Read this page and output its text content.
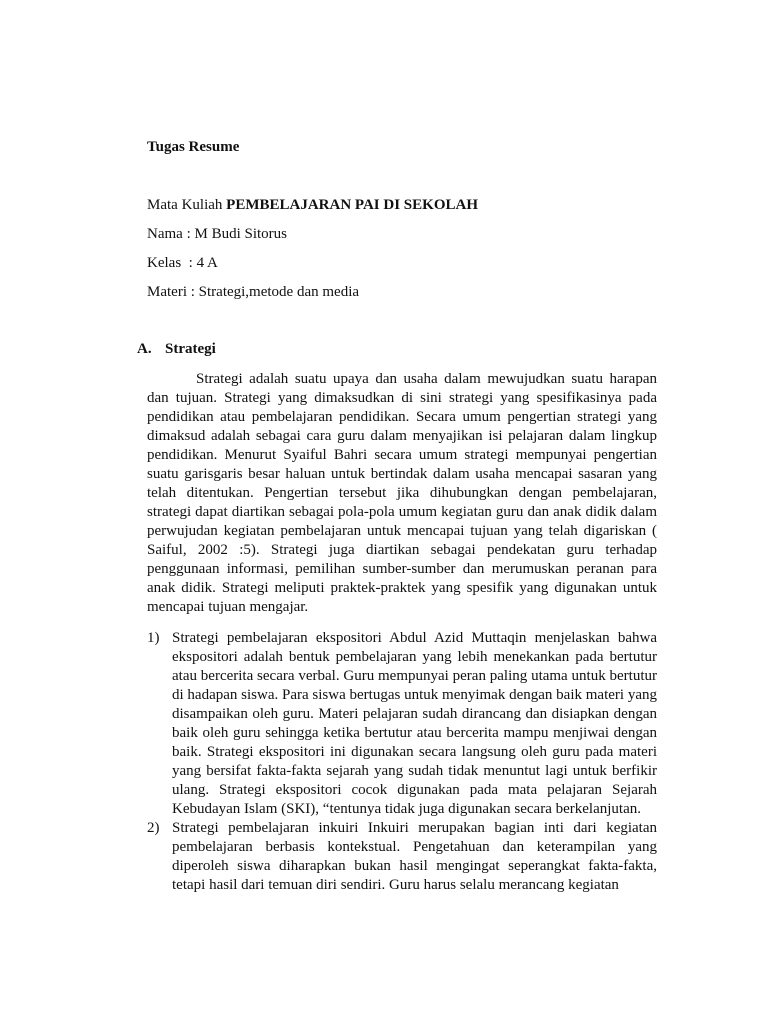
Tugas Resume
Mata Kuliah PEMBELAJARAN PAI DI SEKOLAH
Nama : M Budi Sitorus
Kelas  : 4 A
Materi : Strategi,metode dan media
A. Strategi

Strategi adalah suatu upaya dan usaha dalam mewujudkan suatu harapan dan tujuan. Strategi yang dimaksudkan di sini strategi yang spesifikasinya pada pendidikan atau pembelajaran pendidikan. Secara umum pengertian strategi yang dimaksud adalah sebagai cara guru dalam menyajikan isi pelajaran dalam lingkup pendidikan. Menurut Syaiful Bahri secara umum strategi mempunyai pengertian suatu garisgaris besar haluan untuk bertindak dalam usaha mencapai sasaran yang telah ditentukan. Pengertian tersebut jika dihubungkan dengan pembelajaran, strategi dapat diartikan sebagai pola-pola umum kegiatan guru dan anak didik dalam perwujudan kegiatan pembelajaran untuk mencapai tujuan yang telah digariskan ( Saiful, 2002 :5). Strategi juga diartikan sebagai pendekatan guru terhadap penggunaan informasi, pemilihan sumber-sumber dan merumuskan peranan para anak didik. Strategi meliputi praktek-praktek yang spesifik yang digunakan untuk mencapai tujuan mengajar.

1) Strategi pembelajaran ekspositori Abdul Azid Muttaqin menjelaskan bahwa ekspositori adalah bentuk pembelajaran yang lebih menekankan pada bertutur atau bercerita secara verbal. Guru mempunyai peran paling utama untuk bertutur di hadapan siswa. Para siswa bertugas untuk menyimak dengan baik materi yang disampaikan oleh guru. Materi pelajaran sudah dirancang dan disiapkan dengan baik oleh guru sehingga ketika bertutur atau bercerita mampu menjiwai dengan baik. Strategi ekspositori ini digunakan secara langsung oleh guru pada materi yang bersifat fakta-fakta sejarah yang sudah tidak menuntut lagi untuk berfikir ulang. Strategi ekspositori cocok digunakan pada mata pelajaran Sejarah Kebudayan Islam (SKI), “tentunya tidak juga digunakan secara berkelanjutan.
2) Strategi pembelajaran inkuiri Inkuiri merupakan bagian inti dari kegiatan pembelajaran berbasis kontekstual. Pengetahuan dan keterampilan yang diperoleh siswa diharapkan bukan hasil mengingat seperangkat fakta-fakta, tetapi hasil dari temuan diri sendiri. Guru harus selalu merancang kegiatan
